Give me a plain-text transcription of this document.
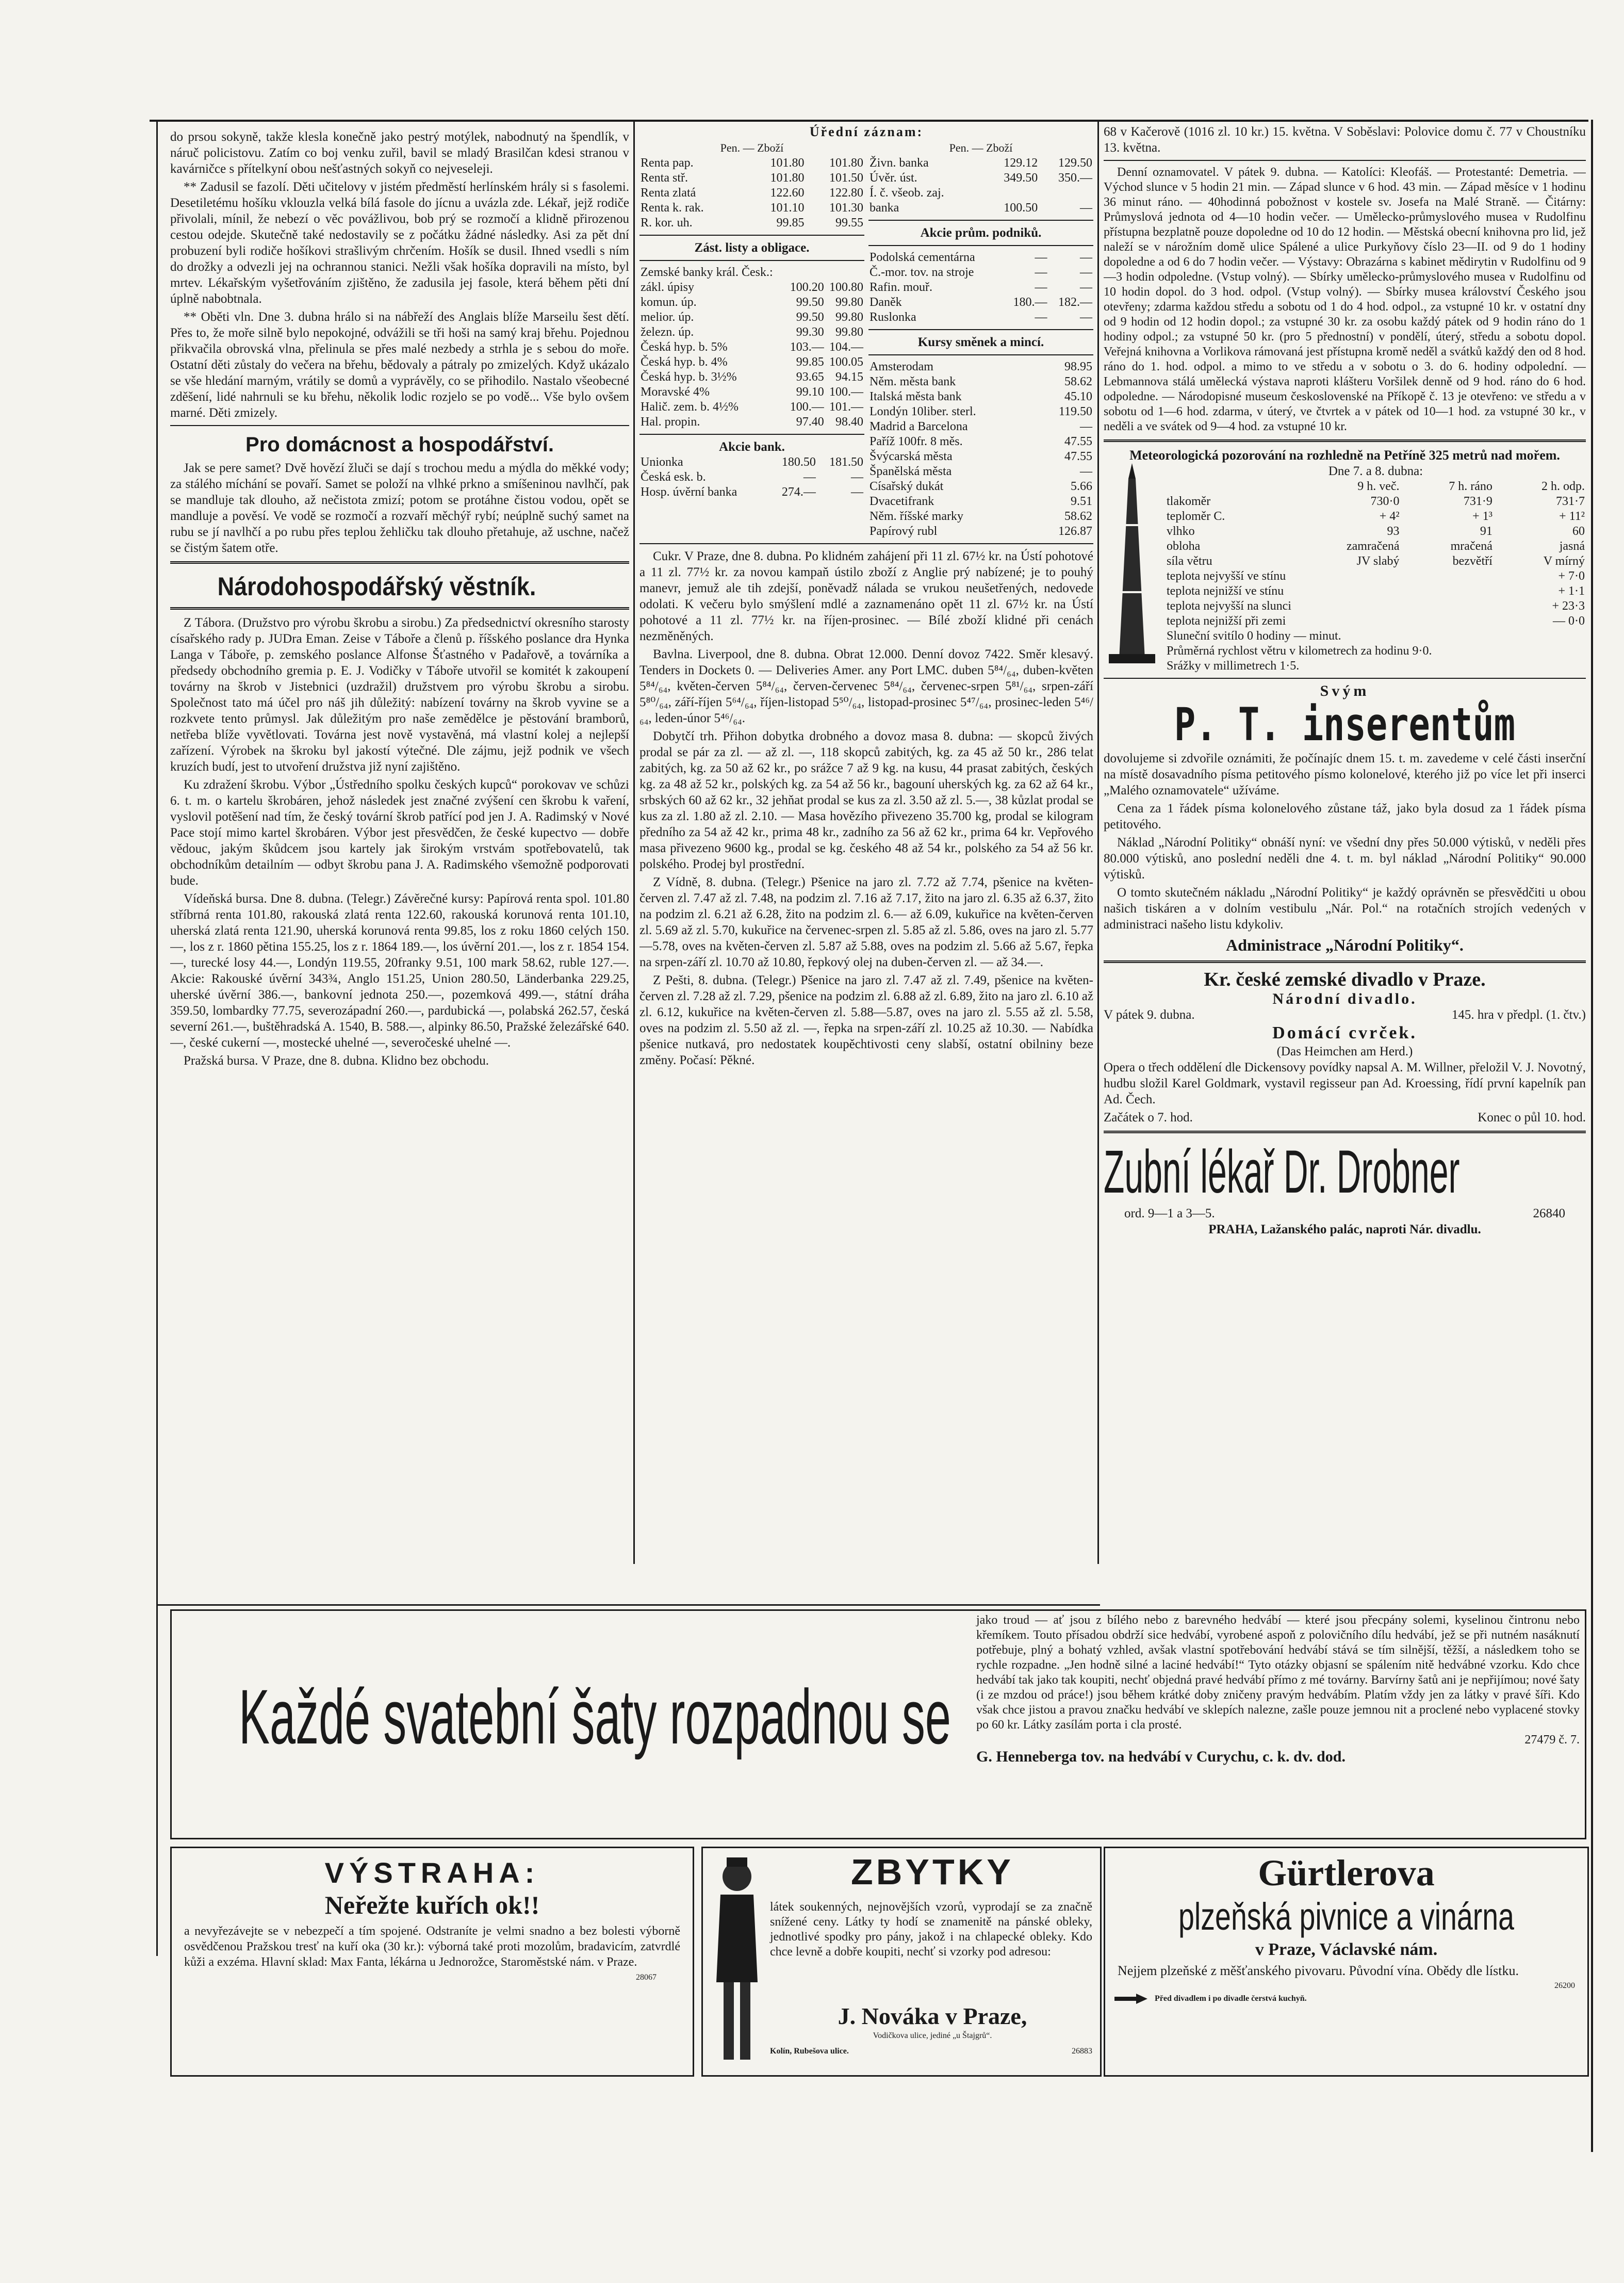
do prsou sokyně, takže klesla konečně jako pestrý motýlek, nabodnutý na špendlík, v náruč policistovu. Zatím co boj venku zuřil, bavil se mladý Brasilčan kdesi stranou v kavárničce s přítelkyní obou nešťastných sokyň co nejveseleji.

** Zadusil se fazolí. Děti učitelovy v jistém předměstí herlínském hrály si s fasolemi. Desetiletému hošíku vklouzla velká bílá fasole do jícnu a uvázla zde. Lékař, jejž rodiče přivolali, mínil, že nebezí o věc povážlivou, bob prý se rozmočí a klidně přirozenou cestou odejde. Skutečně také nedostavily se z počátku žádné následky. Asi za pět dní probuzení byli rodiče hošíkovi strašlivým chrčením. Hošík se dusil. Ihned vsedli s ním do drožky a odvezli jej na ochrannou stanici. Nežli však hošíka dopravili na místo, byl mrtev. Lékařským vyšetřováním zjištěno, že zadusila jej fasole, která během pěti dní úplně nabobtnala.

** Oběti vln. Dne 3. dubna hrálo si na nábřeží des Anglais blíže Marseilu šest dětí. Přes to, že moře silně bylo nepokojné, odvážili se tři hoši na samý kraj břehu. Pojednou přikvačila obrovská vlna, přelinula se přes malé nezbedy a strhla je s sebou do moře. Ostatní děti zůstaly do večera na břehu, bědovaly a pátraly po zmizelých. Když ukázalo se vše hledání marným, vrátily se domů a vyprávěly, co se přihodilo. Nastalo všeobecné zděšení, lidé nahrnuli se ku břehu, několik lodic rozjelo se po vodě... Vše bylo ovšem marné. Děti zmizely.

Pro domácnost a hospodářství.

Jak se pere samet? Dvě hovězí žluči se dají s trochou medu a mýdla do měkké vody; za stálého míchání se povaří. Samet se položí na vlhké prkno a smíšeninou navlhčí, pak se mandluje tak dlouho, až nečistota zmizí; potom se protáhne čistou vodou, opět se mandluje a pověsí. Ve vodě se rozmočí a rozvaří měchýř rybí; neúplně suchý samet na rubu se jí navlhčí a po rubu přes teplou žehličku tak dlouho přetahuje, až uschne, načež se čistým šatem otře.

Národohospodářský věstník.

Z Tábora. (Družstvo pro výrobu škrobu a sirobu.) Za předsednictví okresního starosty císařského rady p. JUDra Eman. Zeise v Táboře a členů p. říšského poslance dra Hynka Langa v Táboře, p. zemského poslance Alfonse Šťastného v Padařově, a továrníka a předsedy obchodního gremia p. E. J. Vodičky v Táboře utvořil se komitét k zakoupení továrny na škrob v Jistebnici (uzdražil) družstvem pro výrobu škrobu a sirobu. Společnost tato má účel pro náš jih důležitý: nabízení továrny na škrob vyvine se a rozkvete tento průmysl. Jak důležitým pro naše zemědělce je pěstování bramborů, netřeba blíže vyvětlovati. Továrna jest nově vystavěná, má vlastní kolej a nejlepší zařízení. Výrobek na škroku byl jakostí výtečné. Dle zájmu, jejž podnik ve všech kruzích budí, jest to utvoření družstva již nyní zajištěno.

Ku zdražení škrobu. Výbor „Ústředního spolku českých kupců“ porokovav ve schůzi 6. t. m. o kartelu škrobáren, jehož následek jest značné zvýšení cen škrobu k vaření, vyslovil potěšení nad tím, že český tovární škrob patřící pod jen J. A. Radimský v Nové Pace stojí mimo kartel škrobáren. Výbor jest přesvědčen, že české kupectvo — dobře vědouc, jakým škůdcem jsou kartely jak širokým vrstvám spotřebovatelů, tak obchodníkům detailním — odbyt škrobu pana J. A. Radimského všemožně podporovati bude.

Vídeňská bursa. Dne 8. dubna. (Telegr.) Závěrečné kursy: Papírová renta spol. 101.80 stříbrná renta 101.80, rakouská zlatá renta 122.60, rakouská korunová renta 101.10, uherská zlatá renta 121.90, uherská korunová renta 99.85, los z roku 1860 celých 150.—, los z r. 1860 pětina 155.25, los z r. 1864 189.—, los úvěrní 201.—, los z r. 1854 154.—, turecké losy 44.—, Londýn 119.55, 20franky 9.51, 100 mark 58.62, ruble 127.—. Akcie: Rakouské úvěrní 343¾, Anglo 151.25, Union 280.50, Länderbanka 229.25, uherské úvěrní 386.—, bankovní jednota 250.—, pozemková 499.—, státní dráha 359.50, lombardky 77.75, severozápadní 260.—, pardubická —, polabská 262.57, česká severní 261.—, buštěhradská A. 1540, B. 588.—, alpinky 86.50, Pražské železářské 640.—, české cukerní —, mostecké uhelné —, severočeské uhelné —.

Pražská bursa. V Praze, dne 8. dubna. Klidno bez obchodu.

Úřední záznam:
Pen. — Zboží
Renta pap.	101.80	101.80
Renta stř.	101.80	101.50
Renta zlatá	122.60	122.80
Renta k. rak.	101.10	101.30
R. kor. uh.	99.85	99.55
Zást. listy a obligace.
Zemské banky král. Česk.:		
zákl. úpisy	100.20	100.80
komun. úp.	99.50	99.80
melior. úp.	99.50	99.80
železn. úp.	99.30	99.80
Česká hyp. b. 5%	103.—	104.—
Česká hyp. b. 4%	99.85	100.05
Česká hyp. b. 3½%	93.65	94.15
Moravské 4%	99.10	100.—
Halič. zem. b. 4½%	100.—	101.—
Hal. propin.	97.40	98.40
Akcie bank.
Unionka	180.50	181.50
Česká esk. b.	—	—
Hosp. úvěrní banka	274.—	—
Pen. — Zboží
Živn. banka	129.12	129.50
Úvěr. úst.	349.50	350.—
Í. č. všeob. zaj.		
banka	100.50	—
Akcie prům. podniků.
Podolská cementárna	—	—
Č.-mor. tov. na stroje	—	—
Rafin. mouř.	—	—
Daněk	180.—	182.—
Ruslonka	—	—
Kursy směnek a mincí.
Amsterodam	98.95
Něm. města bank	58.62
Italská města bank	45.10
Londýn 10liber. sterl.	119.50
Madrid a Barcelona	—
Paříž 100fr. 8 měs.	47.55
Švýcarská města	47.55
Španělská města	—
Císařský dukát	5.66
Dvacetifrank	9.51
Něm. říšské marky	58.62
Papírový rubl	126.87

Cukr. V Praze, dne 8. dubna. Po klidném zahájení při 11 zl. 67½ kr. na Ústí pohotové a 11 zl. 77½ kr. za novou kampaň ústilo zboží z Anglie prý nabízené; je to pouhý manevr, jemuž ale tih zdejší, poněvadž nálada se vrukou neušetřených, nedovede odolati. K večeru bylo smýšlení mdlé a zaznamenáno opět 11 zl. 67½ kr. na Ústí pohotové a 11 zl. 77½ kr. na říjen-prosinec. — Bílé zboží klidné při cenách nezměněných.

Bavlna. Liverpool, dne 8. dubna. Obrat 12.000. Denní dovoz 7422. Směr klesavý. Tenders in Dockets 0. — Deliveries Amer. any Port LMC. duben 5⁸⁴/₆₄, duben-květen 5⁸⁴/₆₄, květen-červen 5⁸⁴/₆₄, červen-červenec 5⁸⁴/₆₄, červenec-srpen 5⁸¹/₆₄, srpen-září 5⁸⁰/₆₄, září-říjen 5⁶⁴/₆₄, říjen-listopad 5⁵⁰/₆₄, listopad-prosinec 5⁴⁷/₆₄, prosinec-leden 5⁴⁶/₆₄, leden-únor 5⁴⁶/₆₄.

Dobytčí trh. Přihon dobytka drobného a dovoz masa 8. dubna: — skopců živých prodal se pár za zl. — až zl. —, 118 skopců zabitých, kg. za 45 až 50 kr., 286 telat zabitých, kg. za 50 až 62 kr., po srážce 7 až 9 kg. na kusu, 44 prasat zabitých, českých kg. za 48 až 52 kr., polských kg. za 54 až 56 kr., bagouní uherských kg. za 62 až 64 kr., srbských 60 až 62 kr., 32 jehňat prodal se kus za zl. 3.50 až zl. 5.—, 38 kůzlat prodal se kus za zl. 1.80 až zl. 2.10. — Masa hovězího přivezeno 35.700 kg, prodal se kilogram předního za 54 až 42 kr., prima 48 kr., zadního za 56 až 62 kr., prima 64 kr. Vepřového masa přivezeno 9600 kg., prodal se kg. českého 48 až 54 kr., polského za 54 až 56 kr. polského. Prodej byl prostřední.

Z Vídně, 8. dubna. (Telegr.) Pšenice na jaro zl. 7.72 až 7.74, pšenice na květen-červen zl. 7.47 až zl. 7.48, na podzim zl. 7.16 až 7.17, žito na jaro zl. 6.35 až 6.37, žito na podzim zl. 6.21 až 6.28, žito na podzim zl. 6.— až 6.09, kukuřice na květen-červen zl. 5.69 až zl. 5.70, kukuřice na červenec-srpen zl. 5.85 až zl. 5.86, oves na jaro zl. 5.77—5.78, oves na květen-červen zl. 5.87 až 5.88, oves na podzim zl. 5.66 až 5.67, řepka na srpen-září zl. 10.70 až 10.80, řepkový olej na duben-červen zl. — až 34.—.

Z Pešti, 8. dubna. (Telegr.) Pšenice na jaro zl. 7.47 až zl. 7.49, pšenice na květen-červen zl. 7.28 až zl. 7.29, pšenice na podzim zl. 6.88 až zl. 6.89, žito na jaro zl. 6.10 až zl. 6.12, kukuřice na květen-červen zl. 5.88—5.87, oves na jaro zl. 5.55 až zl. 5.58, oves na podzim zl. 5.50 až zl. —, řepka na srpen-září zl. 10.25 až 10.30. — Nabídka pšenice nutkavá, pro nedostatek koupěchtivosti ceny slabší, ostatní obilniny beze změny. Počasí: Pěkné.

68 v Kačerově (1016 zl. 10 kr.) 15. května. V Soběslavi: Polovice domu č. 77 v Choustníku 13. května.

Denní oznamovatel. V pátek 9. dubna. — Katolíci: Kleofáš. — Protestanté: Demetria. — Východ slunce v 5 hodin 21 min. — Západ slunce v 6 hod. 43 min. — Západ měsíce v 1 hodinu 36 minut ráno. — 40hodinná pobožnost v kostele sv. Josefa na Malé Straně. — Čitárny: Průmyslová jednota od 4—10 hodin večer. — Umělecko-průmyslového musea v Rudolfinu přístupna bezplatně pouze dopoledne od 10 do 12 hodin. — Městská obecní knihovna pro lid, jež naleží se v nárožním domě ulice Spálené a ulice Purkyňovy číslo 23—II. od 9 do 1 hodiny dopoledne a od 6 do 7 hodin večer. — Výstavy: Obrazárna s kabinet mědirytin v Rudolfinu od 9—3 hodin odpoledne. (Vstup volný). — Sbírky umělecko-průmyslového musea v Rudolfinu od 10 hodin dopol. do 3 hod. odpol. (Vstup volný). — Sbírky musea království Českého jsou otevřeny; zdarma každou středu a sobotu od 1 do 4 hod. odpol., za vstupné 10 kr. v ostatní dny od 9 hodin od 12 hodin dopol.; za vstupné 30 kr. za osobu každý pátek od 9 hodin ráno do 1 hodiny odpol.; za vstupné 50 kr. (pro 5 přednostní) v pondělí, úterý, středu a sobotu dopol. Veřejná knihovna a Vorlikova rámovaná jest přístupna kromě neděl a svátků každý den od 8 hod. ráno do 1. hod. odpol. a mimo to ve středu a v sobotu o 3. do 6. hodiny odpolední. — Lebmannova stálá umělecká výstava naproti klášteru Voršilek denně od 9 hod. ráno do 6 hod. odpoledne. — Národopisné museum československé na Příkopě č. 13 je otevřeno: ve středu a v sobotu od 1—6 hod. zdarma, v úterý, ve čtvrtek a v pátek od 10—1 hod. za vstupné 30 kr., v neděli a ve svátek od 9—4 hod. za vstupné 10 kr.

Meteorologická pozorování na rozhledně na Petříně 325 metrů nad mořem.
Dne 7. a 8. dubna:
	9 h. več.	7 h. ráno	2 h. odp.
tlakoměr	730·0	731·9	731·7
teploměr C.	+ 4²	+ 1³	+ 11²
vlhko	93	91	60
obloha	zamračená	mračená	jasná
síla větru	JV slabý	bezvětří	V mírný
teplota nejvyšší ve stínu	+ 7·0
teplota nejnižší ve stínu	+ 1·1
teplota nejvyšší na slunci	+ 23·3
teplota nejnižší při zemi	— 0·0
Sluneční svitílo 0 hodiny — minut.	
Průměrná rychlost větru v kilometrech za hodinu 9·0.	
Srážky v millimetrech 1·5.	
Svým
P. T. inserentům

dovolujeme si zdvořile oznámiti, že počínajíc dnem 15. t. m. zavedeme v celé části inserční na místě dosavadního písma petitového písmo kolonelové, kterého již po více let při inserci „Malého oznamovatele“ užíváme.

Cena za 1 řádek písma kolonelového zůstane táž, jako byla dosud za 1 řádek písma petitového.

Náklad „Národní Politiky“ obnáší nyní: ve všední dny přes 50.000 výtisků, v neděli přes 80.000 výtisků, ano poslední neděli dne 4. t. m. byl náklad „Národní Politiky“ 90.000 výtisků.

O tomto skutečném nákladu „Národní Politiky“ je každý oprávněn se přesvědčiti u obou našich tiskáren a v dolním vestibulu „Nár. Pol.“ na rotačních strojích vedených v administraci našeho listu kdykoliv.

Administrace „Národní Politiky“.
Kr. české zemské divadlo v Praze.
Národní divadlo.
V pátek 9. dubna.	145. hra v předpl. (1. čtv.)
Domácí cvrček.
(Das Heimchen am Herd.)

Opera o třech oddělení dle Dickensovy povídky napsal A. M. Willner, přeložil V. J. Novotný, hudbu složil Karel Goldmark, vystavil regisseur pan Ad. Kroessing, řídí první kapelník pan Ad. Čech.

Začátek o 7. hod.	Konec o půl 10. hod.
Zubní lékař Dr. Drobner
ord. 9—1 a 3—5.	26840
PRAHA, Lažanského palác, naproti Nár. divadlu.
Každé svatební šaty rozpadnou se
jako troud — ať jsou z bílého nebo z barevného hedvábí — které jsou přecpány solemi, kyselinou čintronu nebo křemíkem. Touto přísadou obdrží sice hedvábí, vyrobené aspoň z polovičního dílu hedvábí, jež se při nutném nasáknutí potřebuje, plný a bohatý vzhled, avšak vlastní spotřebování hedvábí stává se tím silnější, těžší, a následkem toho se rychle rozpadne. „Jen hodně silné a laciné hedvábí!“ Tyto otázky objasní se spálením nitě hedvábné vzorku. Kdo chce hedvábí tak jako tak koupiti, nechť objedná pravé hedvábí přímo z mé továrny. Barvírny šatů ani je nepřijímou; nové šaty (i ze mzdou od práce!) jsou během krátké doby zničeny pravým hedvábím. Platím vždy jen za látky v pravé šíři. Kdo však chce jistou a pravou značku hedvábí ve sklepích nalezne, zašle pouze jemnou nit a proclené nebo vyplacené stovky po 60 kr. Látky zasílám porta i cla prosté.
27479 č. 7.
G. Henneberga tov. na hedvábí v Curychu, c. k. dv. dod.
VÝSTRAHA:
Neřežte kuřích ok!!
a nevyřezávejte se v nebezpečí a tím spojené. Odstraníte je velmi snadno a bez bolesti výborně osvědčenou Pražskou tresť na kuří oka (30 kr.): výborná také proti mozolům, bradavicím, zatvrdlé kůži a exzéma. Hlavní sklad: Max Fanta, lékárna u Jednorožce, Staroměstské nám. v Praze.
28067
ZBYTKY
látek soukenných, nejnovějších vzorů, vyprodají se za značně snížené ceny. Látky ty hodí se znamenitě na pánské obleky, jednotlivé spodky pro pány, jakož i na chlapecké obleky. Kdo chce levně a dobře koupiti, nechť si vzorky pod adresou:
J. Nováka v Praze,
Vodičkova ulice, jediné „u Štajgrů“.
Kolín, Rubešova ulice.	26883
Gürtlerova
plzeňská pivnice a vinárna
v Praze, Václavské nám.
Nejjem plzeňské z měšťanského pivovaru. Původní vína. Obědy dle lístku.
26200
Před divadlem i po divadle čerstvá kuchyň.
